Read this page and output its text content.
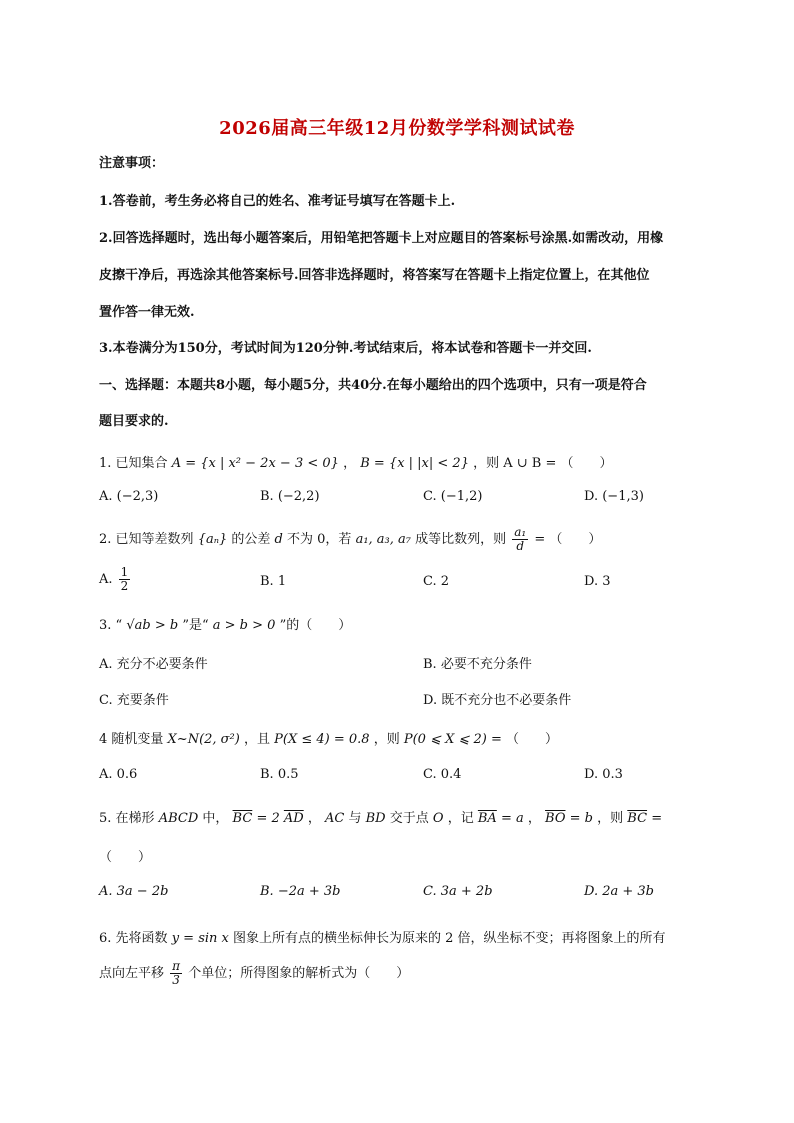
2026届高三年级12月份数学学科测试试卷
注意事项：
1.答卷前，考生务必将自己的姓名、准考证号填写在答题卡上.
2.回答选择题时，选出每小题答案后，用铅笔把答题卡上对应题目的答案标号涂黑.如需改动，用橡
皮擦干净后，再选涂其他答案标号.回答非选择题时，将答案写在答题卡上指定位置上，在其他位
置作答一律无效.
3.本卷满分为150分，考试时间为120分钟.考试结束后，将本试卷和答题卡一并交回.
一、选择题：本题共8小题，每小题5分，共40分.在每小题给出的四个选项中，只有一项是符合
题目要求的.
1. 已知集合 A = {x | x² − 2x − 3 < 0} ， B = {x | |x| < 2} ，则 A ∪ B = （　　）
A. (−2,3)	B. (−2,2)	C. (−1,2)	D. (−1,3)
2. 已知等差数列 {aₙ} 的公差 d 不为 0，若 a₁, a₃, a₇ 成等比数列，则 $\frac{\text{a₁}}{d}$ = （　　）
A. $\frac{1}{2}$	B. 1	C. 2	D. 3
3. “ √ab > b ”是“ a > b > 0 ”的（　　）
A. 充分不必要条件	B. 必要不充分条件
C. 充要条件	D. 既不充分也不必要条件
4 随机变量 X~N(2, σ²) ，且 P(X ≤ 4) = 0.8 ，则 P(0 ⩽ X ⩽ 2) = （　　）
A. 0.6	B. 0.5	C. 0.4	D. 0.3
5. 在梯形 ABCD 中， $\overline{BC} = 2$ $\overline{AD}$ ， AC 与 BD 交于点 O ，记 $\overline{BA} = a$ ， $\overline{BO} = b$ ，则 $\overline{BC}$ =
（　　）
A. 3a − 2b	B. −2a + 3b	C. 3a + 2b	D. 2a + 3b
6. 先将函数 y = sin x 图象上所有点的横坐标伸长为原来的 2 倍，纵坐标不变；再将图象上的所有
点向左平移 $\frac{\pi}{3}$ 个单位；所得图象的解析式为（　　）
